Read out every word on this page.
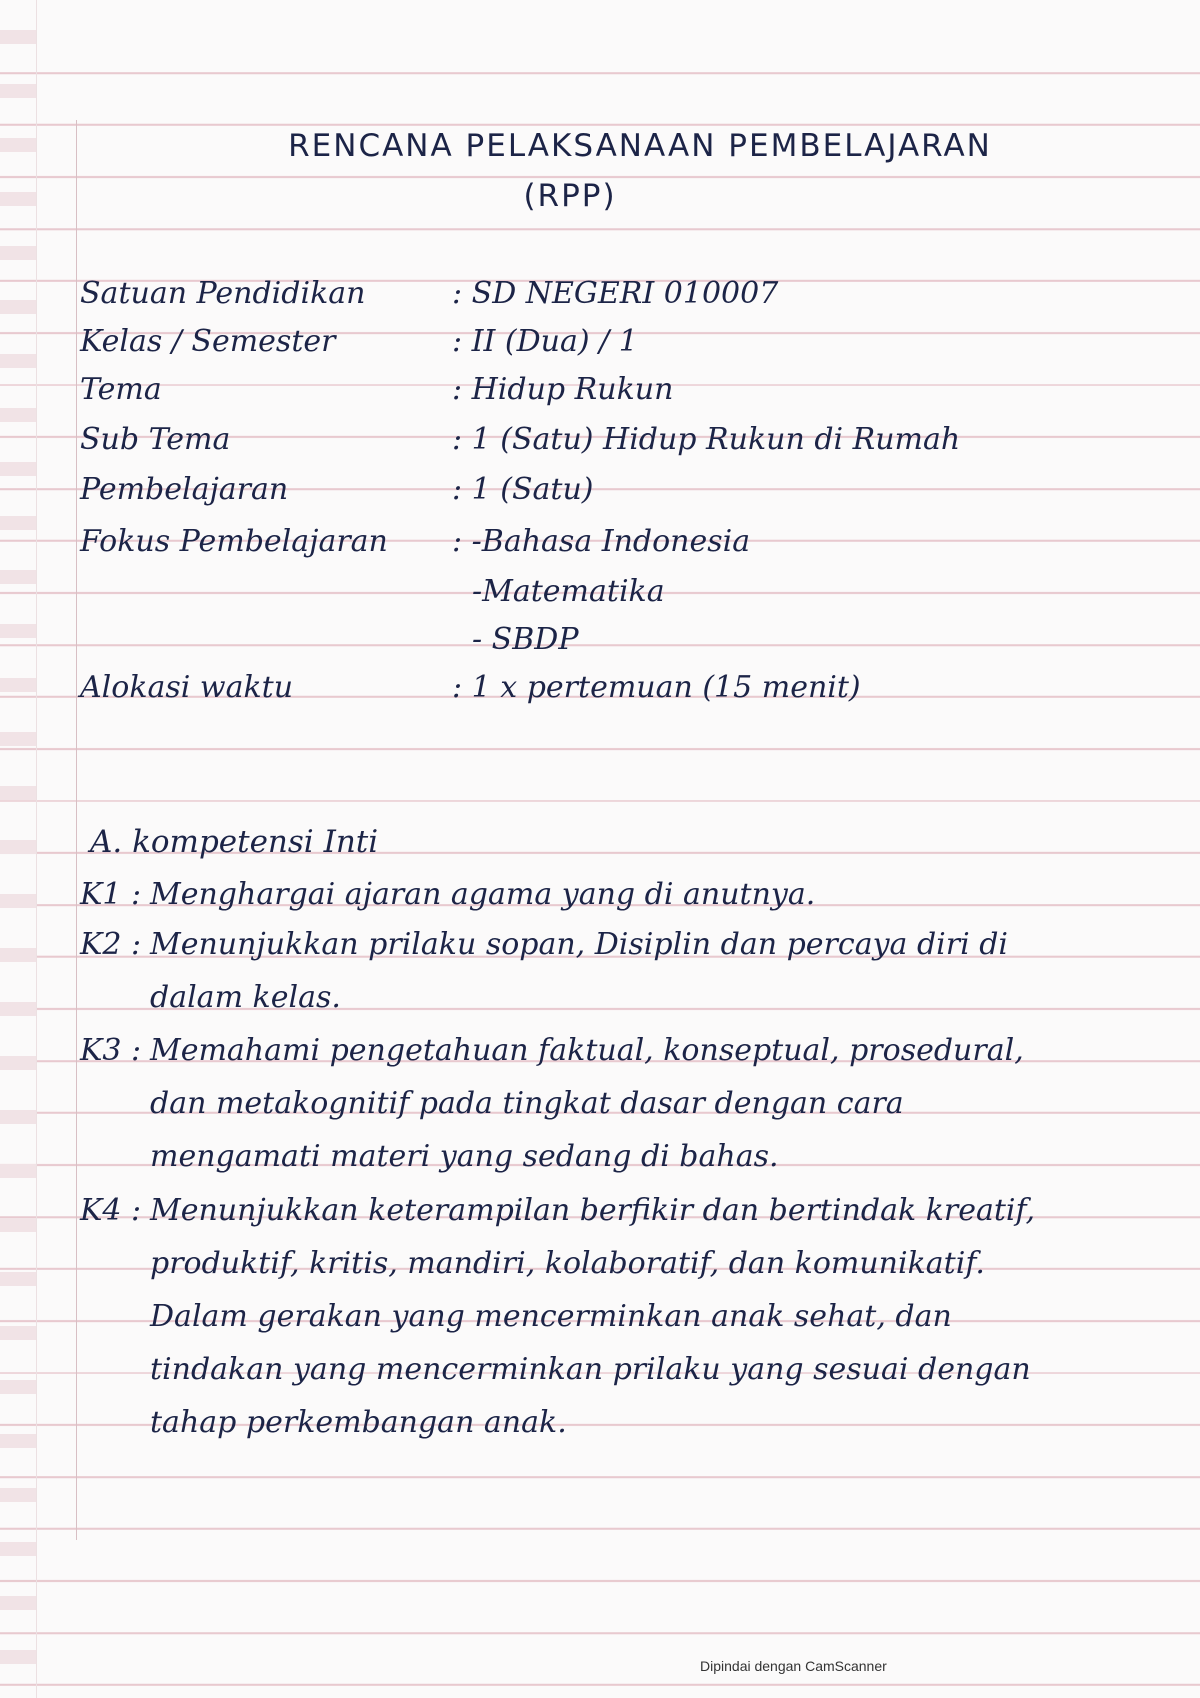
RENCANA PELAKSANAAN PEMBELAJARAN
(RPP)
Satuan Pendidikan	: SD NEGERI 010007
Kelas / Semester	: II (Dua) / 1
Tema	: Hidup Rukun
Sub Tema	: 1 (Satu) Hidup Rukun di Rumah
Pembelajaran	: 1 (Satu)
Fokus Pembelajaran : -Bahasa Indonesia
-Matematika
- SBDP
Alokasi waktu	: 1 x pertemuan (15 menit)
A. kompetensi Inti
K1 : Menghargai ajaran agama yang di anutnya.
K2 : Menunjukkan prilaku sopan, Disiplin dan percaya diri di dalam kelas.
K3 : Memahami pengetahuan faktual, konseptual, prosedural, dan metakognitif pada tingkat dasar dengan cara mengamati materi yang sedang di bahas.
K4 : Menunjukkan keterampilan berfikir dan bertindak kreatif, produktif, kritis, mandiri, kolaboratif, dan komunikatif. Dalam gerakan yang mencerminkan anak sehat, dan tindakan yang mencerminkan prilaku yang sesuai dengan tahap perkembangan anak.
Dipindai dengan CamScanner
